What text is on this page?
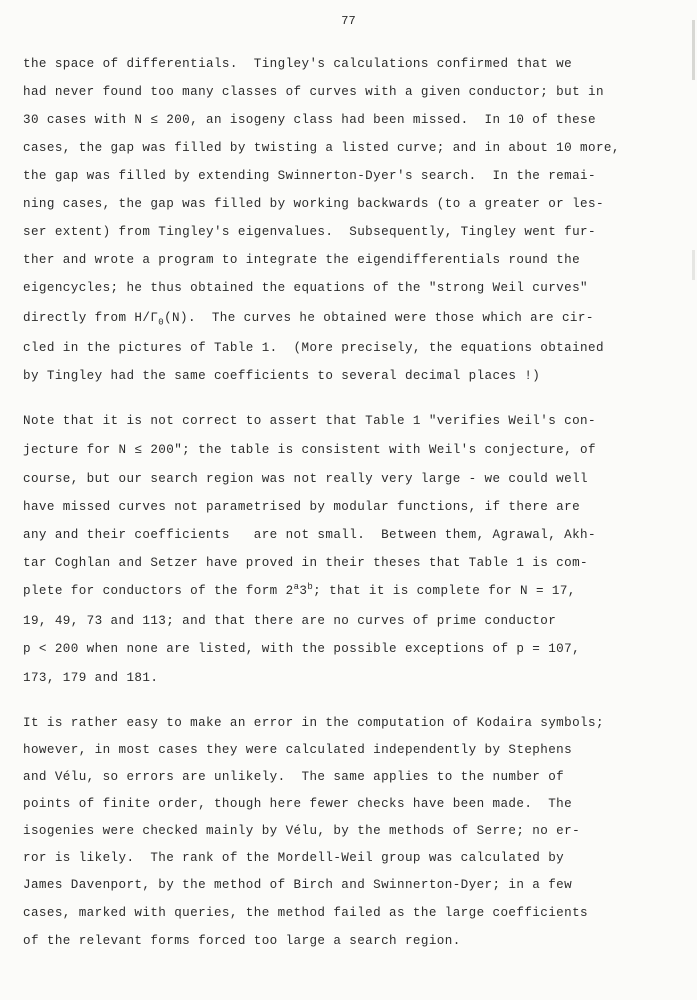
77
the space of differentials.  Tingley's calculations confirmed that we
had never found too many classes of curves with a given conductor; but in
30 cases with N ≤ 200, an isogeny class had been missed.  In 10 of these
cases, the gap was filled by twisting a listed curve; and in about 10 more,
the gap was filled by extending Swinnerton-Dyer's search.  In the remai-
ning cases, the gap was filled by working backwards (to a greater or les-
ser extent) from Tingley's eigenvalues.  Subsequently, Tingley went fur-
ther and wrote a program to integrate the eigendifferentials round the
eigencycles; he thus obtained the equations of the "strong Weil curves"
directly from $H/\Gamma_0(N)$.  The curves he obtained were those which are cir-
cled in the pictures of Table 1.  (More precisely, the equations obtained
by Tingley had the same coefficients to several decimal places !)
Note that it is not correct to assert that Table 1 "verifies Weil's con-
jecture for N ≤ 200"; the table is consistent with Weil's conjecture, of
course, but our search region was not really very large - we could well
have missed curves not parametrised by modular functions, if there are
any and their coefficients   are not small.  Between them, Agrawal, Akh-
tar Coghlan and Setzer have proved in their theses that Table 1 is com-
plete for conductors of the form 2$^a$3$^b$; that it is complete for N = 17,
19, 49, 73 and 113; and that there are no curves of prime conductor
p < 200 when none are listed, with the possible exceptions of p = 107,
173, 179 and 181.
It is rather easy to make an error in the computation of Kodaira symbols;
however, in most cases they were calculated independently by Stephens
and Vélu, so errors are unlikely.  The same applies to the number of
points of finite order, though here fewer checks have been made.  The
isogenies were checked mainly by Vélu, by the methods of Serre; no er-
ror is likely.  The rank of the Mordell-Weil group was calculated by
James Davenport, by the method of Birch and Swinnerton-Dyer; in a few
cases, marked with queries, the method failed as the large coefficients
of the relevant forms forced too large a search region.
